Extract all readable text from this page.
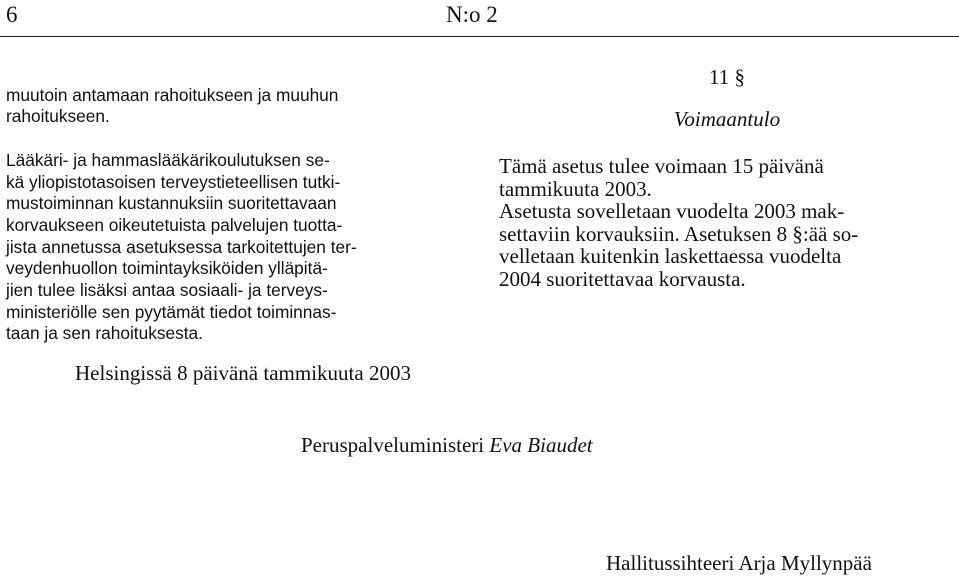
6	N:o 2

muutoin antamaan rahoitukseen ja muuhun
rahoitukseen.

Lääkäri- ja hammaslääkärikoulutuksen se-
kä yliopistotasoisen terveystieteellisen tutki-
mustoiminnan kustannuksiin suoritettavaan
korvaukseen oikeutetuista palvelujen tuotta-
jista annetussa asetuksessa tarkoitettujen ter-
veydenhuollon toimintayksiköiden ylläpitä-
jien tulee lisäksi antaa sosiaali- ja terveys-
ministeriölle sen pyytämät tiedot toiminnas-
taan ja sen rahoituksesta.

11 §

Voimaantulo

Tämä asetus tulee voimaan 15 päivänä
tammikuuta 2003.

Asetusta sovelletaan vuodelta 2003 mak-
settaviin korvauksiin. Asetuksen 8 §:ää so-
velletaan kuitenkin laskettaessa vuodelta
2004 suoritettavaa korvausta.

Helsingissä 8 päivänä tammikuuta 2003
Peruspalveluministeri Eva Biaudet
Hallitussihteeri Arja Myllynpää
